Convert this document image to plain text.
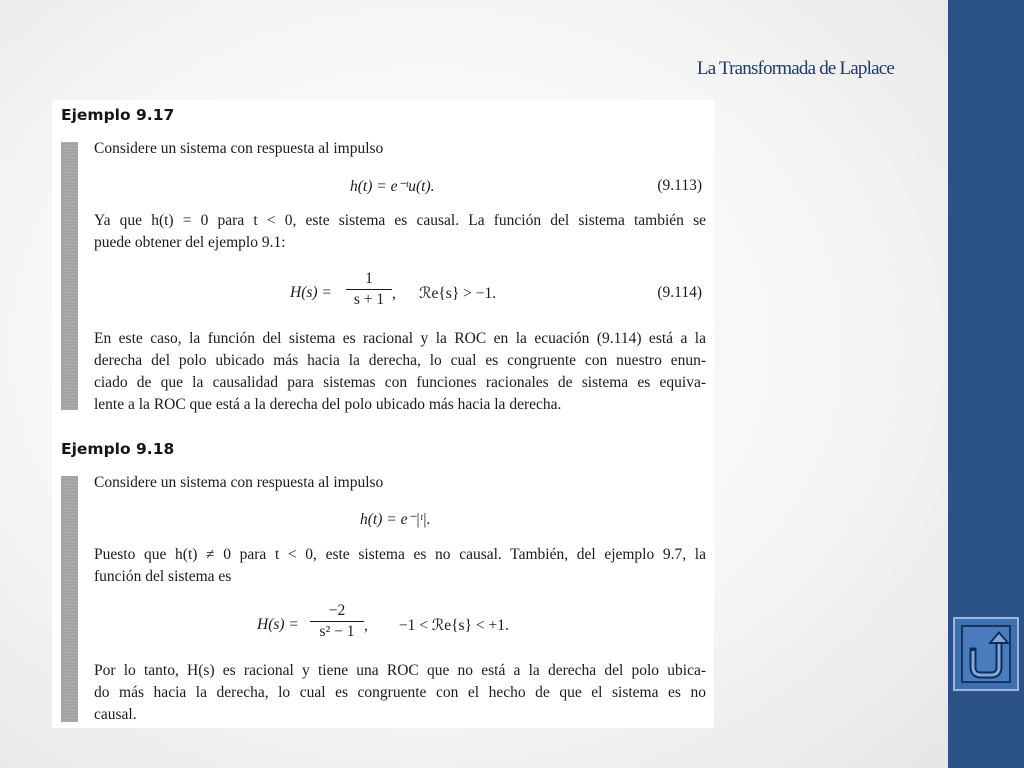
La Transformada de Laplace
Ejemplo 9.17
Considere un sistema con respuesta al impulso
h(t) = e⁻ᵗu(t).	(9.113)
Ya que h(t) = 0 para t < 0, este sistema es causal. La función del sistema también se
puede obtener del ejemplo 9.1:
$H(s) = \frac{1}{s + 1}$ ,      ℛe{s} > −1.	(9.114)
En este caso, la función del sistema es racional y la ROC en la ecuación (9.114) está a la
derecha del polo ubicado más hacia la derecha, lo cual es congruente con nuestro enun-
ciado de que la causalidad para sistemas con funciones racionales de sistema es equiva-
lente a la ROC que está a la derecha del polo ubicado más hacia la derecha.
Ejemplo 9.18
Considere un sistema con respuesta al impulso
h(t) = e⁻|ᵗ|.
Puesto que h(t) ≠ 0 para t < 0, este sistema es no causal. También, del ejemplo 9.7, la
función del sistema es
$H(s) = \frac{-2}{\text{s² − 1}}$ ,        −1 < ℛe{s} < +1.
Por lo tanto, H(s) es racional y tiene una ROC que no está a la derecha del polo ubica-
do más hacia la derecha, lo cual es congruente con el hecho de que el sistema es no
causal.
